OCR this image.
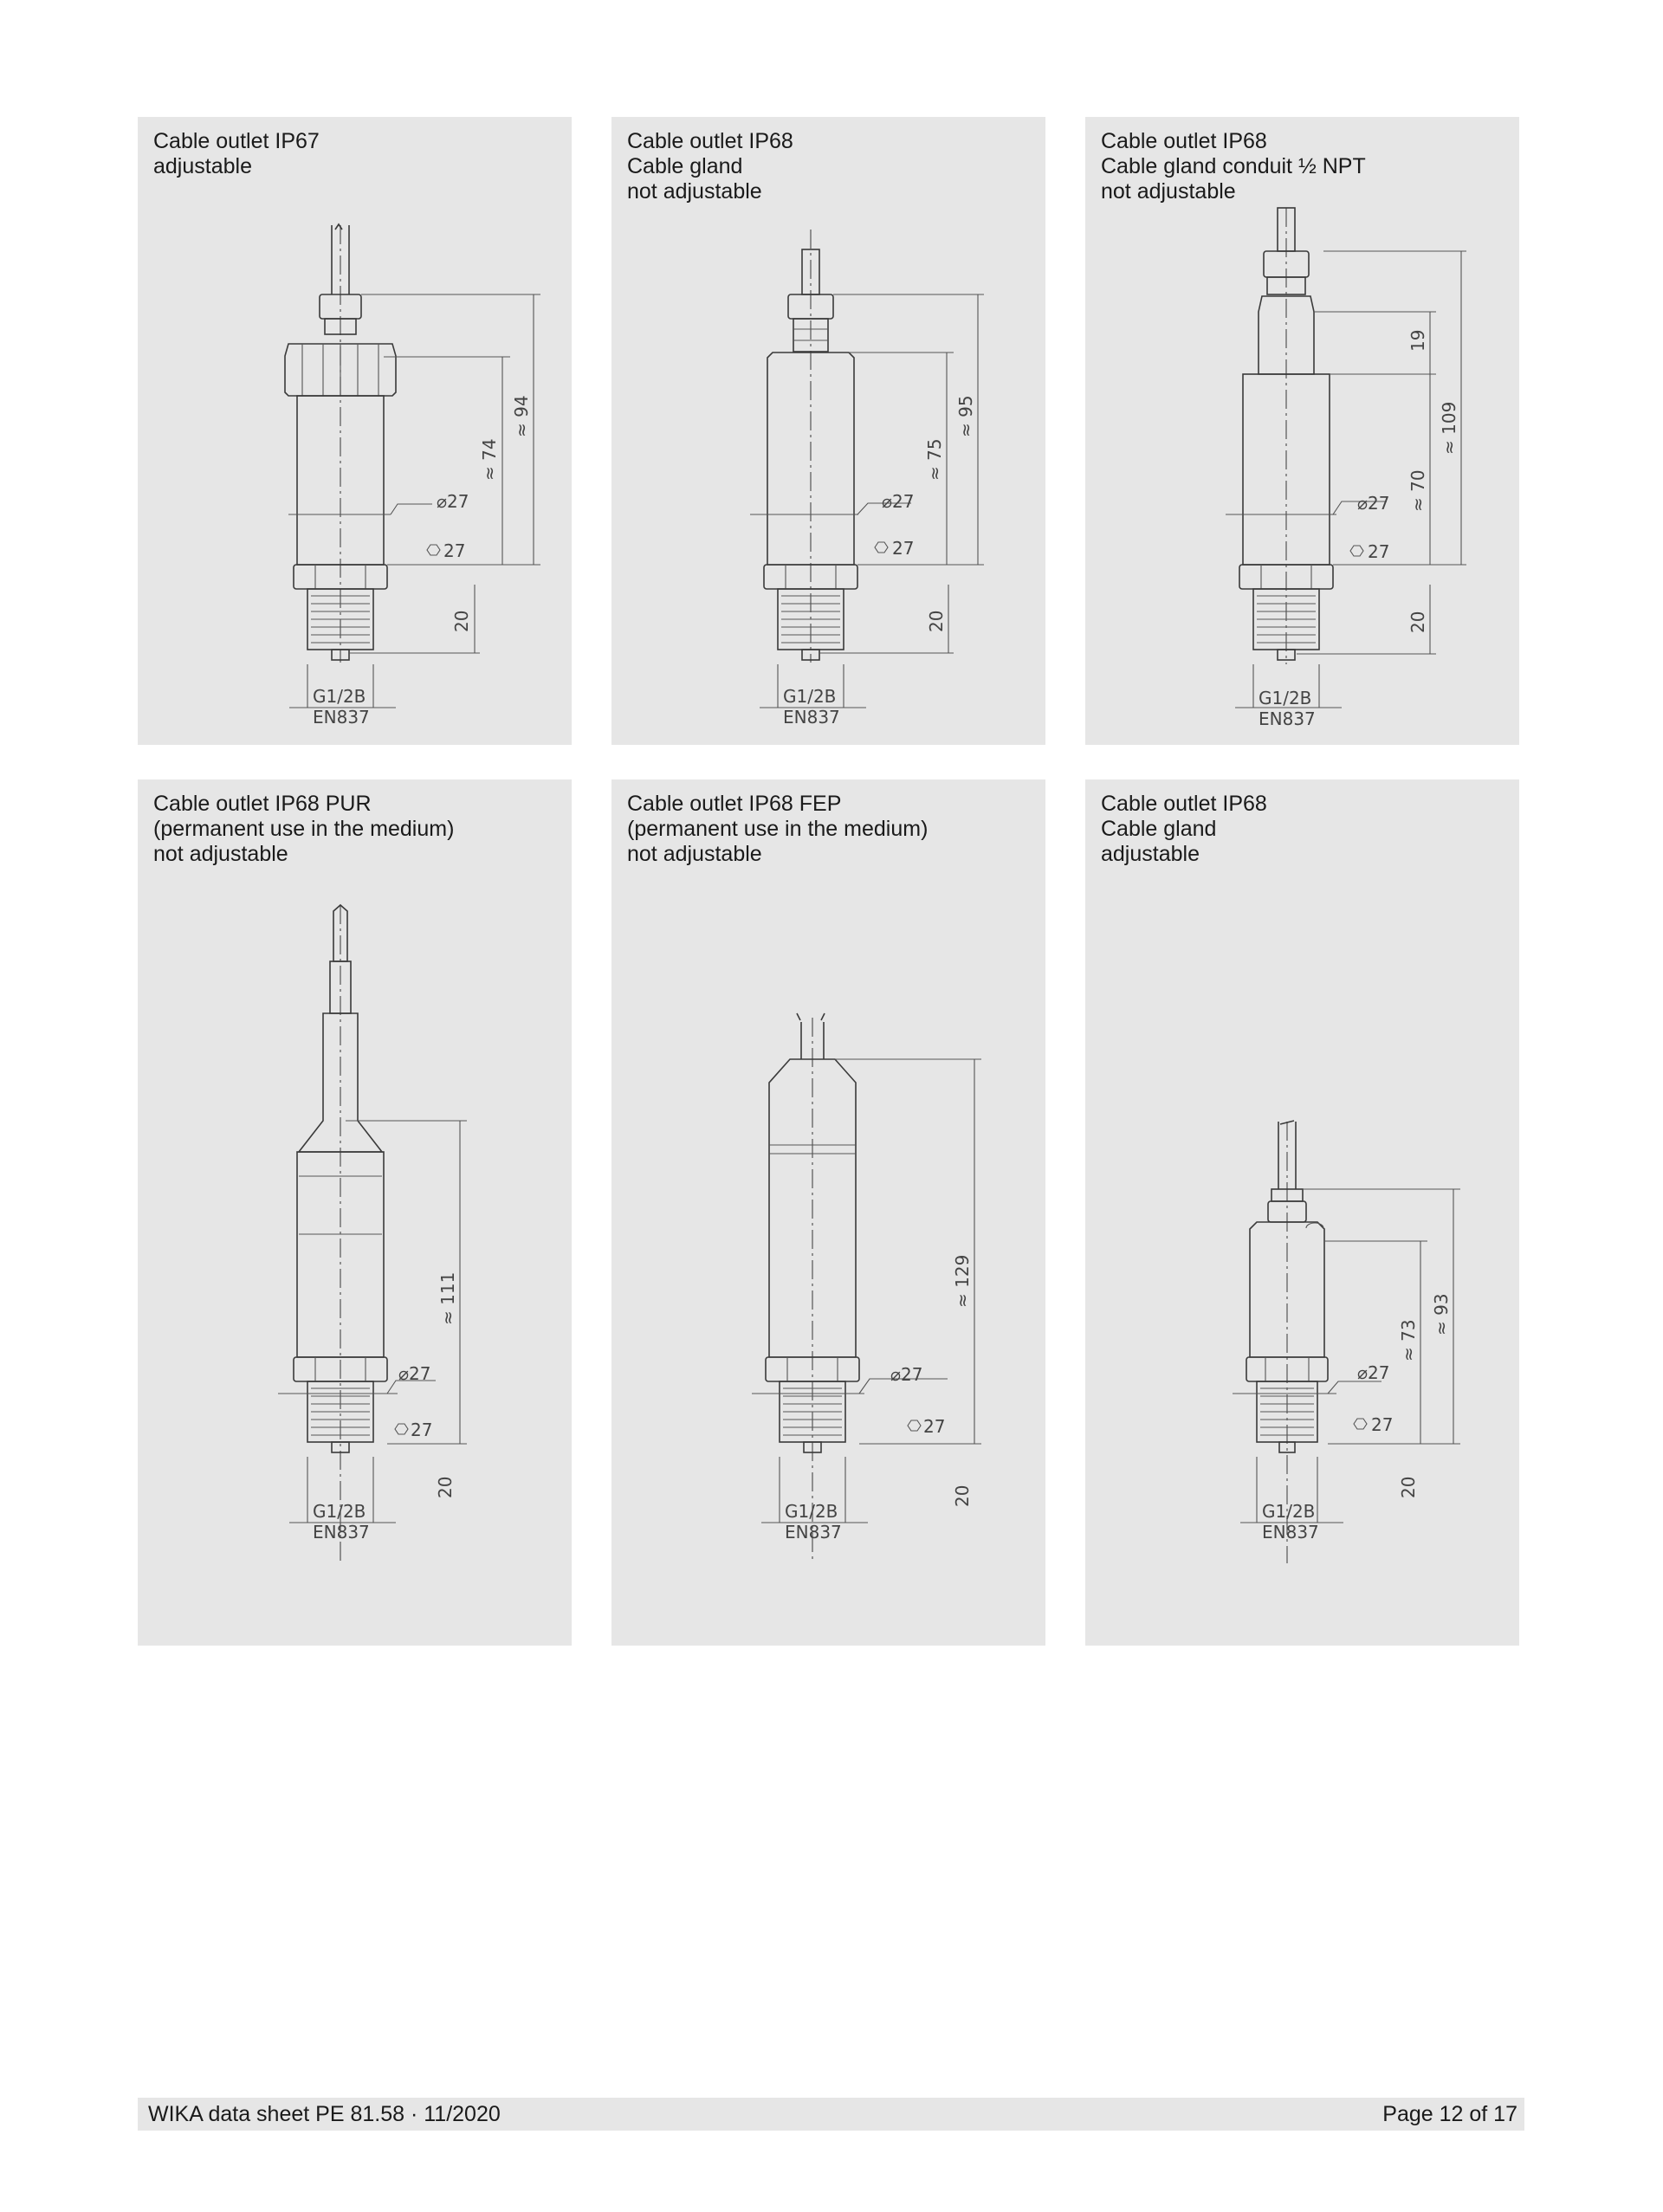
Cable outlet IP67
adjustable
⌀27
27
≈ 94
≈ 74
20
G1/2B
EN837
Cable outlet IP68
Cable gland
not adjustable
⌀27
27
≈ 95
≈ 75
20
G1/2B
EN837
Cable outlet IP68
Cable gland conduit ½ NPT
not adjustable
⌀27
27
≈ 109
≈ 70
19
20
G1/2B
EN837
Cable outlet IP68 PUR
(permanent use in the medium)
not adjustable
⌀27
27
≈ 111
20
G1/2B
EN837
Cable outlet IP68 FEP
(permanent use in the medium)
not adjustable
⌀27
27
≈ 129
20
G1/2B
EN837
Cable outlet IP68
Cable gland
adjustable
⌀27
27
≈ 93
≈ 73
20
G1/2B
EN837
WIKA data sheet PE 81.58 · 11/2020	Page 12 of 17
